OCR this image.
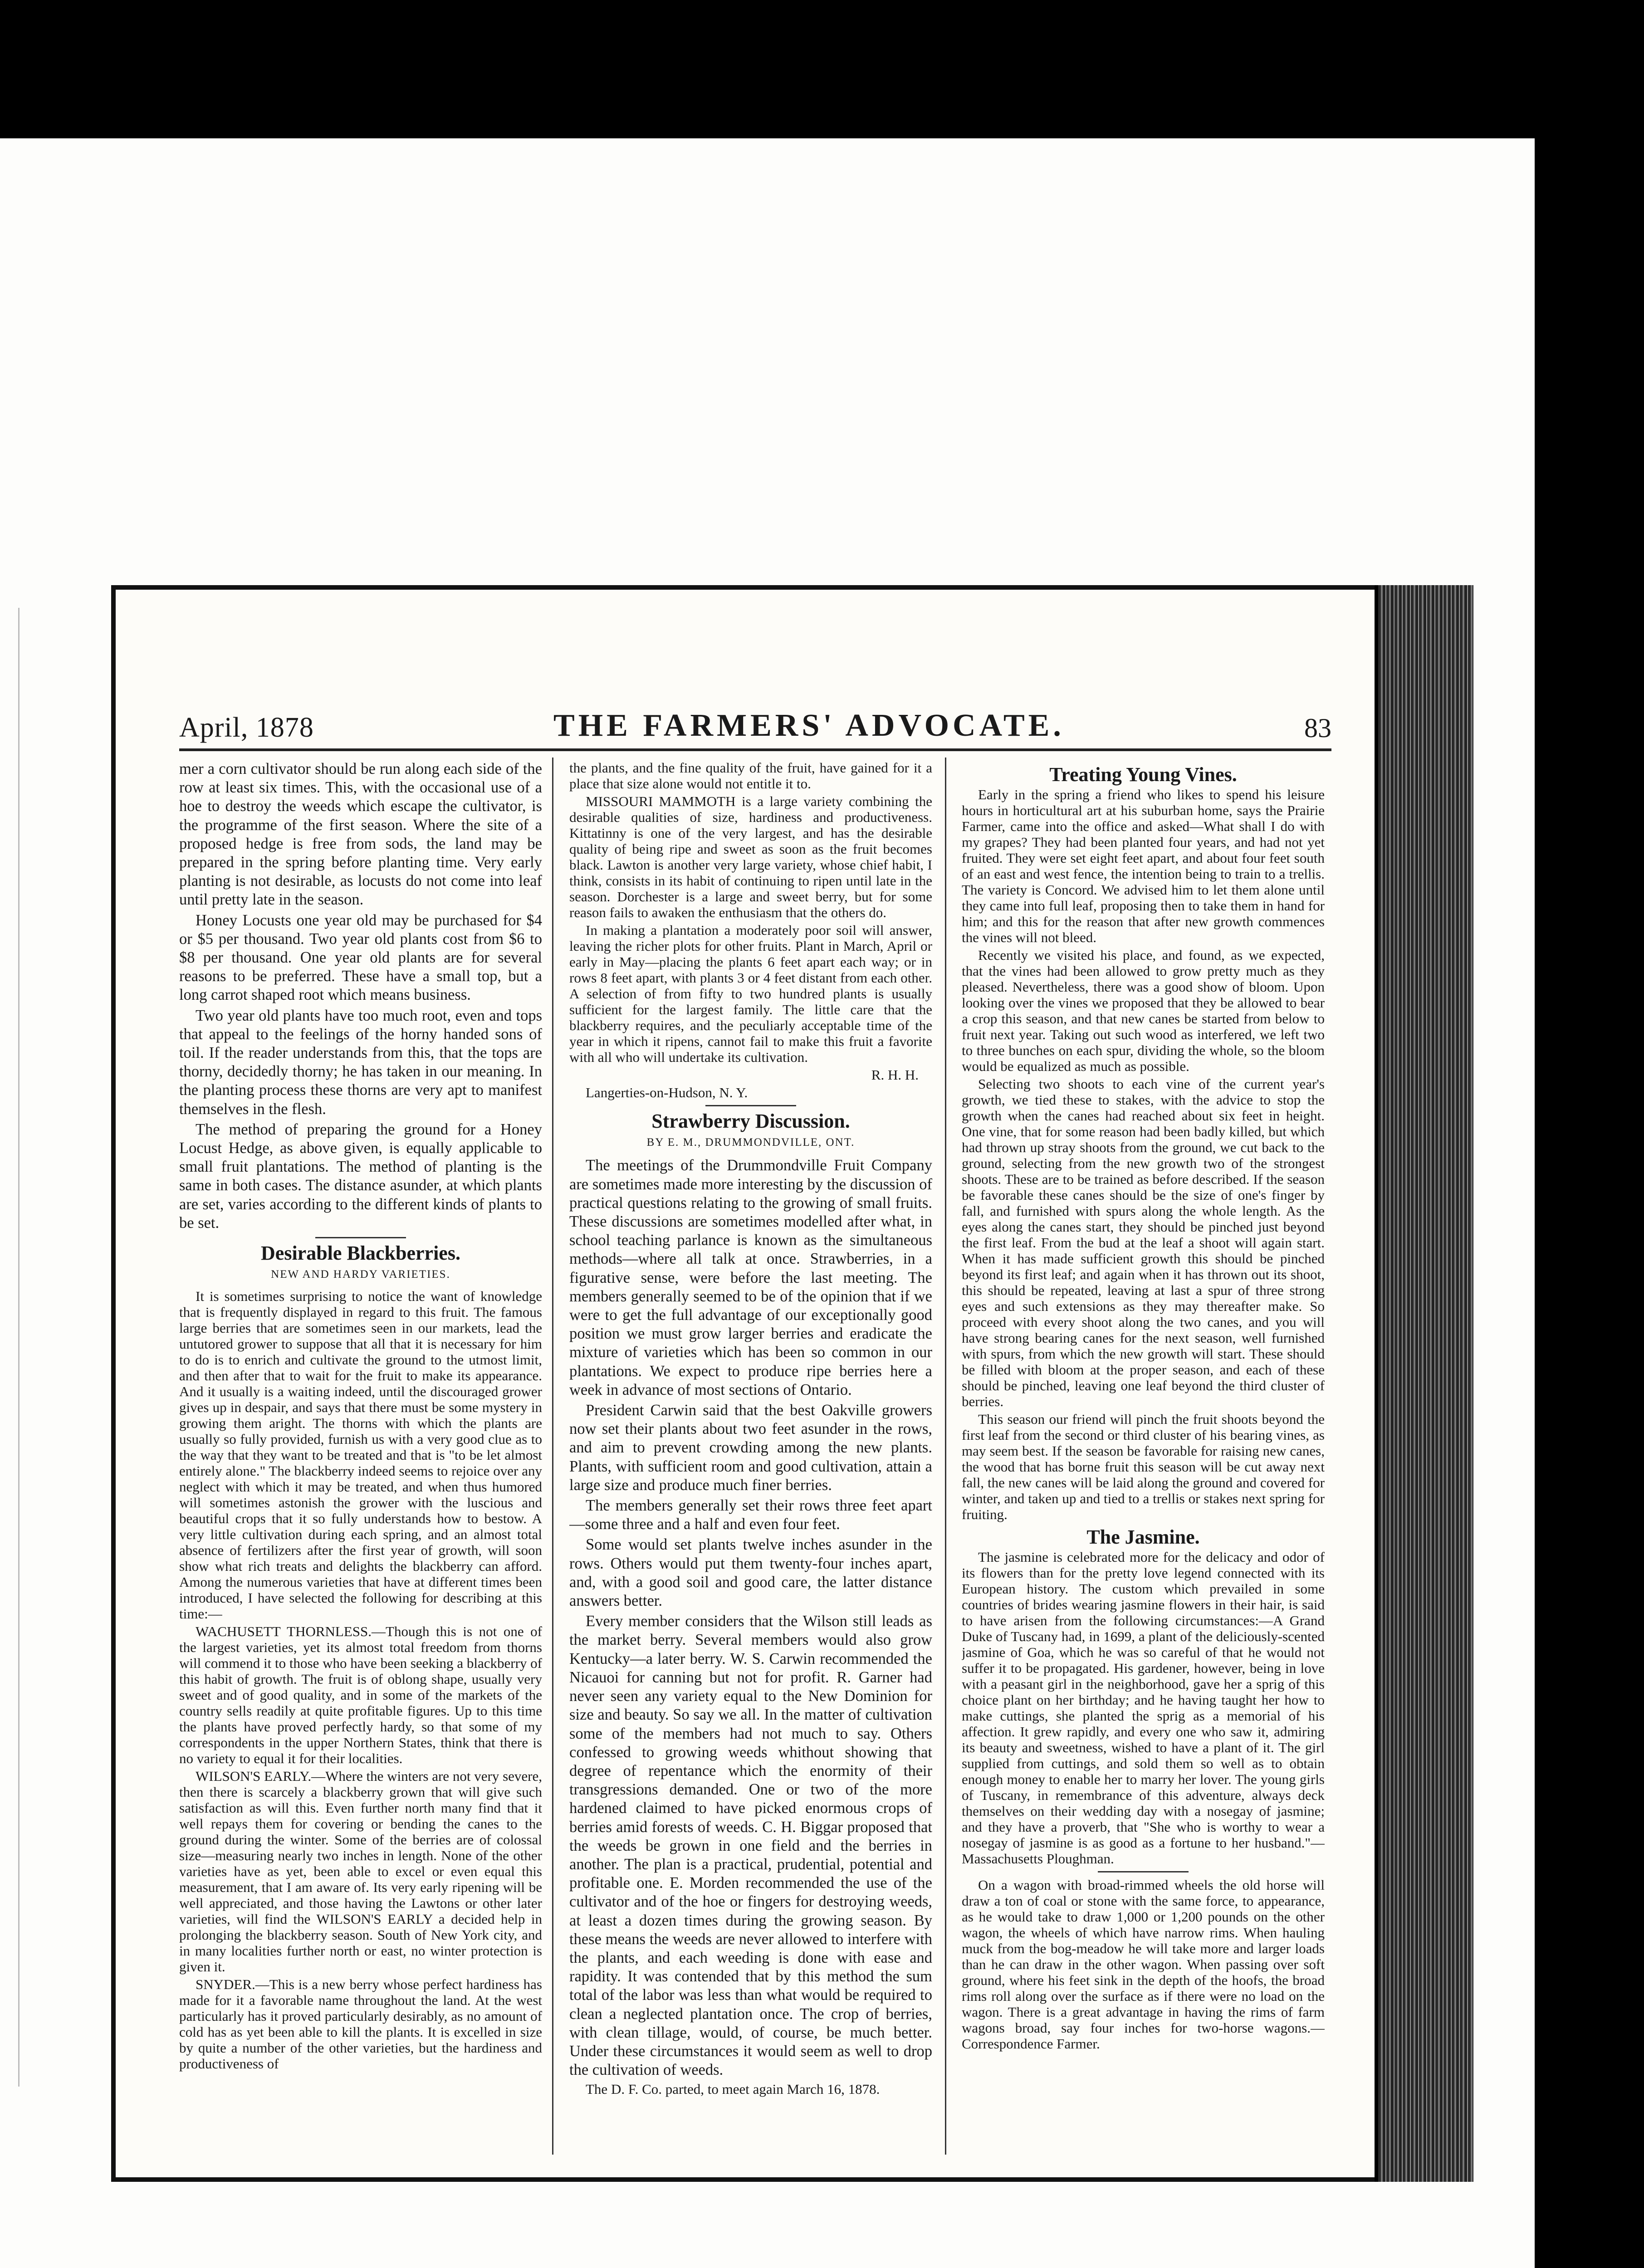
April, 1878	THE FARMERS' ADVOCATE.	83

mer a corn cultivator should be run along each side of the row at least six times. This, with the occasional use of a hoe to destroy the weeds which escape the cultivator, is the programme of the first season. Where the site of a proposed hedge is free from sods, the land may be prepared in the spring before planting time. Very early planting is not desirable, as locusts do not come into leaf until pretty late in the season.

Honey Locusts one year old may be purchased for $4 or $5 per thousand. Two year old plants cost from $6 to $8 per thousand. One year old plants are for several reasons to be preferred. These have a small top, but a long carrot shaped root which means business.

Two year old plants have too much root, even and tops that appeal to the feelings of the horny handed sons of toil. If the reader understands from this, that the tops are thorny, decidedly thorny; he has taken in our meaning. In the planting process these thorns are very apt to manifest themselves in the flesh.

The method of preparing the ground for a Honey Locust Hedge, as above given, is equally applicable to small fruit plantations. The method of planting is the same in both cases. The distance asunder, at which plants are set, varies according to the different kinds of plants to be set.

Desirable Blackberries.

NEW AND HARDY VARIETIES.

It is sometimes surprising to notice the want of knowledge that is frequently displayed in regard to this fruit. The famous large berries that are sometimes seen in our markets, lead the untutored grower to suppose that all that it is necessary for him to do is to enrich and cultivate the ground to the utmost limit, and then after that to wait for the fruit to make its appearance. And it usually is a waiting indeed, until the discouraged grower gives up in despair, and says that there must be some mystery in growing them aright. The thorns with which the plants are usually so fully provided, furnish us with a very good clue as to the way that they want to be treated and that is "to be let almost entirely alone." The blackberry indeed seems to rejoice over any neglect with which it may be treated, and when thus humored will sometimes astonish the grower with the luscious and beautiful crops that it so fully understands how to bestow. A very little cultivation during each spring, and an almost total absence of fertilizers after the first year of growth, will soon show what rich treats and delights the blackberry can afford. Among the numerous varieties that have at different times been introduced, I have selected the following for describing at this time:—

WACHUSETT THORNLESS.—Though this is not one of the largest varieties, yet its almost total freedom from thorns will commend it to those who have been seeking a blackberry of this habit of growth. The fruit is of oblong shape, usually very sweet and of good quality, and in some of the markets of the country sells readily at quite profitable figures. Up to this time the plants have proved perfectly hardy, so that some of my correspondents in the upper Northern States, think that there is no variety to equal it for their localities.

WILSON'S EARLY.—Where the winters are not very severe, then there is scarcely a blackberry grown that will give such satisfaction as will this. Even further north many find that it well repays them for covering or bending the canes to the ground during the winter. Some of the berries are of colossal size—measuring nearly two inches in length. None of the other varieties have as yet, been able to excel or even equal this measurement, that I am aware of. Its very early ripening will be well appreciated, and those having the Lawtons or other later varieties, will find the WILSON'S EARLY a decided help in prolonging the blackberry season. South of New York city, and in many localities further north or east, no winter protection is given it.

SNYDER.—This is a new berry whose perfect hardiness has made for it a favorable name throughout the land. At the west particularly has it proved particularly desirably, as no amount of cold has as yet been able to kill the plants. It is excelled in size by quite a number of the other varieties, but the hardiness and productiveness of

the plants, and the fine quality of the fruit, have gained for it a place that size alone would not entitle it to.

MISSOURI MAMMOTH is a large variety combining the desirable qualities of size, hardiness and productiveness. Kittatinny is one of the very largest, and has the desirable quality of being ripe and sweet as soon as the fruit becomes black. Lawton is another very large variety, whose chief habit, I think, consists in its habit of continuing to ripen until late in the season. Dorchester is a large and sweet berry, but for some reason fails to awaken the enthusiasm that the others do.

In making a plantation a moderately poor soil will answer, leaving the richer plots for other fruits. Plant in March, April or early in May—placing the plants 6 feet apart each way; or in rows 8 feet apart, with plants 3 or 4 feet distant from each other. A selection of from fifty to two hundred plants is usually sufficient for the largest family. The little care that the blackberry requires, and the peculiarly acceptable time of the year in which it ripens, cannot fail to make this fruit a favorite with all who will undertake its cultivation.

R. H. H.

Langerties-on-Hudson, N. Y.

Strawberry Discussion.

BY E. M., DRUMMONDVILLE, ONT.

The meetings of the Drummondville Fruit Company are sometimes made more interesting by the discussion of practical questions relating to the growing of small fruits. These discussions are sometimes modelled after what, in school teaching parlance is known as the simultaneous methods—where all talk at once. Strawberries, in a figurative sense, were before the last meeting. The members generally seemed to be of the opinion that if we were to get the full advantage of our exceptionally good position we must grow larger berries and eradicate the mixture of varieties which has been so common in our plantations. We expect to produce ripe berries here a week in advance of most sections of Ontario.

President Carwin said that the best Oakville growers now set their plants about two feet asunder in the rows, and aim to prevent crowding among the new plants. Plants, with sufficient room and good cultivation, attain a large size and produce much finer berries.

The members generally set their rows three feet apart—some three and a half and even four feet.

Some would set plants twelve inches asunder in the rows. Others would put them twenty-four inches apart, and, with a good soil and good care, the latter distance answers better.

Every member considers that the Wilson still leads as the market berry. Several members would also grow Kentucky—a later berry. W. S. Carwin recommended the Nicauoi for canning but not for profit. R. Garner had never seen any variety equal to the New Dominion for size and beauty. So say we all. In the matter of cultivation some of the members had not much to say. Others confessed to growing weeds whithout showing that degree of repentance which the enormity of their transgressions demanded. One or two of the more hardened claimed to have picked enormous crops of berries amid forests of weeds. C. H. Biggar proposed that the weeds be grown in one field and the berries in another. The plan is a practical, prudential, potential and profitable one. E. Morden recommended the use of the cultivator and of the hoe or fingers for destroying weeds, at least a dozen times during the growing season. By these means the weeds are never allowed to interfere with the plants, and each weeding is done with ease and rapidity. It was contended that by this method the sum total of the labor was less than what would be required to clean a neglected plantation once. The crop of berries, with clean tillage, would, of course, be much better. Under these circumstances it would seem as well to drop the cultivation of weeds.

The D. F. Co. parted, to meet again March 16, 1878.

Treating Young Vines.

Early in the spring a friend who likes to spend his leisure hours in horticultural art at his suburban home, says the Prairie Farmer, came into the office and asked—What shall I do with my grapes? They had been planted four years, and had not yet fruited. They were set eight feet apart, and about four feet south of an east and west fence, the intention being to train to a trellis. The variety is Concord. We advised him to let them alone until they came into full leaf, proposing then to take them in hand for him; and this for the reason that after new growth commences the vines will not bleed.

Recently we visited his place, and found, as we expected, that the vines had been allowed to grow pretty much as they pleased. Nevertheless, there was a good show of bloom. Upon looking over the vines we proposed that they be allowed to bear a crop this season, and that new canes be started from below to fruit next year. Taking out such wood as interfered, we left two to three bunches on each spur, dividing the whole, so the bloom would be equalized as much as possible.

Selecting two shoots to each vine of the current year's growth, we tied these to stakes, with the advice to stop the growth when the canes had reached about six feet in height. One vine, that for some reason had been badly killed, but which had thrown up stray shoots from the ground, we cut back to the ground, selecting from the new growth two of the strongest shoots. These are to be trained as before described. If the season be favorable these canes should be the size of one's finger by fall, and furnished with spurs along the whole length. As the eyes along the canes start, they should be pinched just beyond the first leaf. From the bud at the leaf a shoot will again start. When it has made sufficient growth this should be pinched beyond its first leaf; and again when it has thrown out its shoot, this should be repeated, leaving at last a spur of three strong eyes and such extensions as they may thereafter make. So proceed with every shoot along the two canes, and you will have strong bearing canes for the next season, well furnished with spurs, from which the new growth will start. These should be filled with bloom at the proper season, and each of these should be pinched, leaving one leaf beyond the third cluster of berries.

This season our friend will pinch the fruit shoots beyond the first leaf from the second or third cluster of his bearing vines, as may seem best. If the season be favorable for raising new canes, the wood that has borne fruit this season will be cut away next fall, the new canes will be laid along the ground and covered for winter, and taken up and tied to a trellis or stakes next spring for fruiting.

The Jasmine.

The jasmine is celebrated more for the delicacy and odor of its flowers than for the pretty love legend connected with its European history. The custom which prevailed in some countries of brides wearing jasmine flowers in their hair, is said to have arisen from the following circumstances:—A Grand Duke of Tuscany had, in 1699, a plant of the deliciously-scented jasmine of Goa, which he was so careful of that he would not suffer it to be propagated. His gardener, however, being in love with a peasant girl in the neighborhood, gave her a sprig of this choice plant on her birthday; and he having taught her how to make cuttings, she planted the sprig as a memorial of his affection. It grew rapidly, and every one who saw it, admiring its beauty and sweetness, wished to have a plant of it. The girl supplied from cuttings, and sold them so well as to obtain enough money to enable her to marry her lover. The young girls of Tuscany, in remembrance of this adventure, always deck themselves on their wedding day with a nosegay of jasmine; and they have a proverb, that "She who is worthy to wear a nosegay of jasmine is as good as a fortune to her husband."—Massachusetts Ploughman.

On a wagon with broad-rimmed wheels the old horse will draw a ton of coal or stone with the same force, to appearance, as he would take to draw 1,000 or 1,200 pounds on the other wagon, the wheels of which have narrow rims. When hauling muck from the bog-meadow he will take more and larger loads than he can draw in the other wagon. When passing over soft ground, where his feet sink in the depth of the hoofs, the broad rims roll along over the surface as if there were no load on the wagon. There is a great advantage in having the rims of farm wagons broad, say four inches for two-horse wagons.—Correspondence Farmer.
